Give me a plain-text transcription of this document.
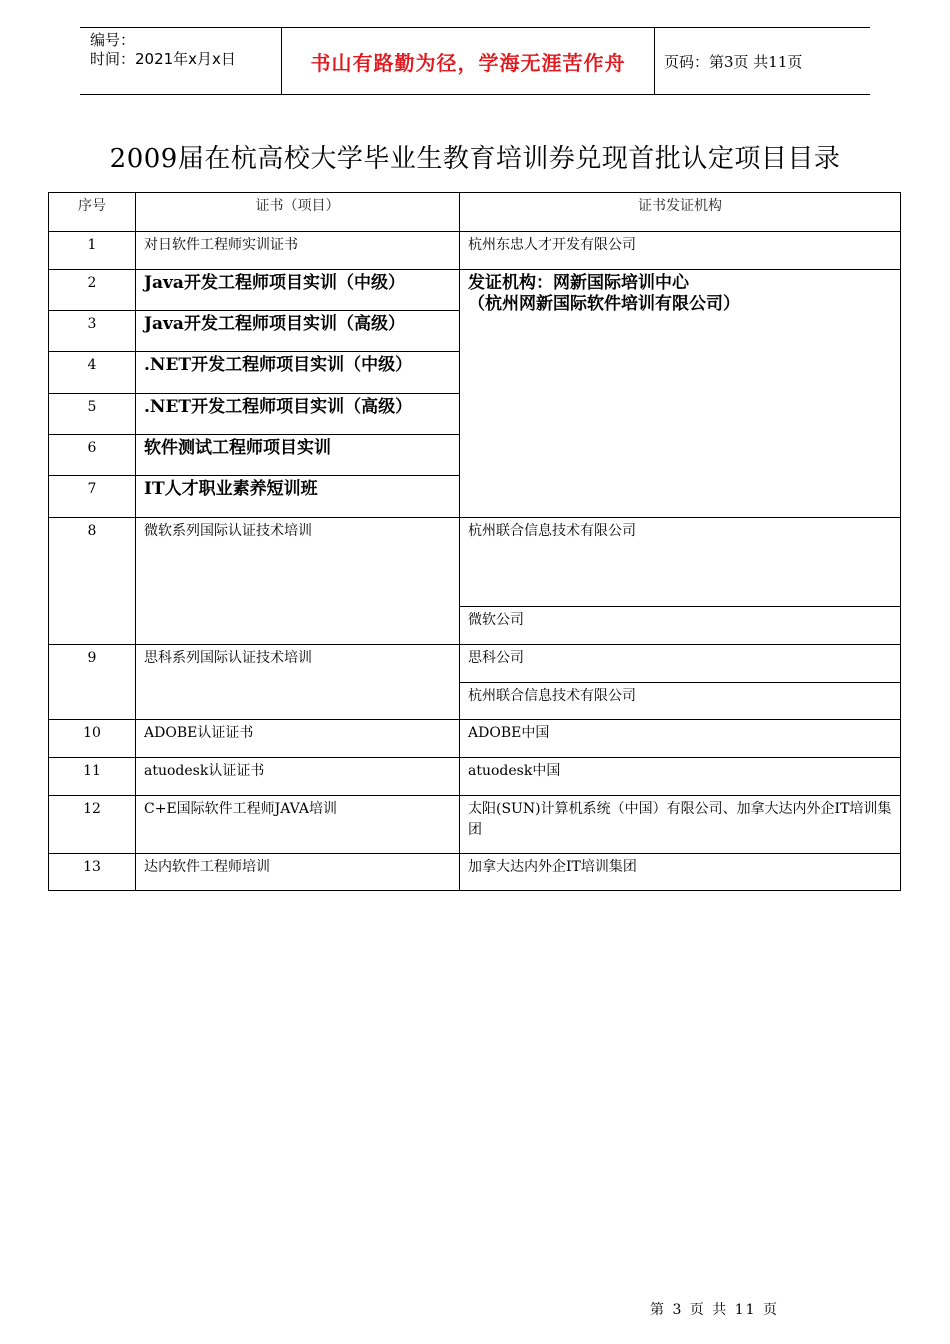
编号：
时间：2021年x月x日	书山有路勤为径，学海无涯苦作舟	页码：第3页 共11页
2009届在杭高校大学毕业生教育培训券兑现首批认定项目目录
序号	证书（项目）	证书发证机构
1	对日软件工程师实训证书	杭州东忠人才开发有限公司
2	Java开发工程师项目实训（中级）	发证机构：网新国际培训中心
（杭州网新国际软件培训有限公司）

3	Java开发工程师项目实训（高级）	
4	.NET开发工程师项目实训（中级）	
5	.NET开发工程师项目实训（高级）	
6	软件测试工程师项目实训	
7	IT人才职业素养短训班	
8	微软系列国际认证技术培训	杭州联合信息技术有限公司
		微软公司
9	思科系列国际认证技术培训	思科公司
		杭州联合信息技术有限公司
10	ADOBE认证证书	ADOBE中国
11	atuodesk认证证书	atuodesk中国
12	C+E国际软件工程师JAVA培训	太阳(SUN)计算机系统（中国）有限公司、加拿大达内外企IT培训集团
13	达内软件工程师培训	加拿大达内外企IT培训集团
第 3 页 共 11 页
